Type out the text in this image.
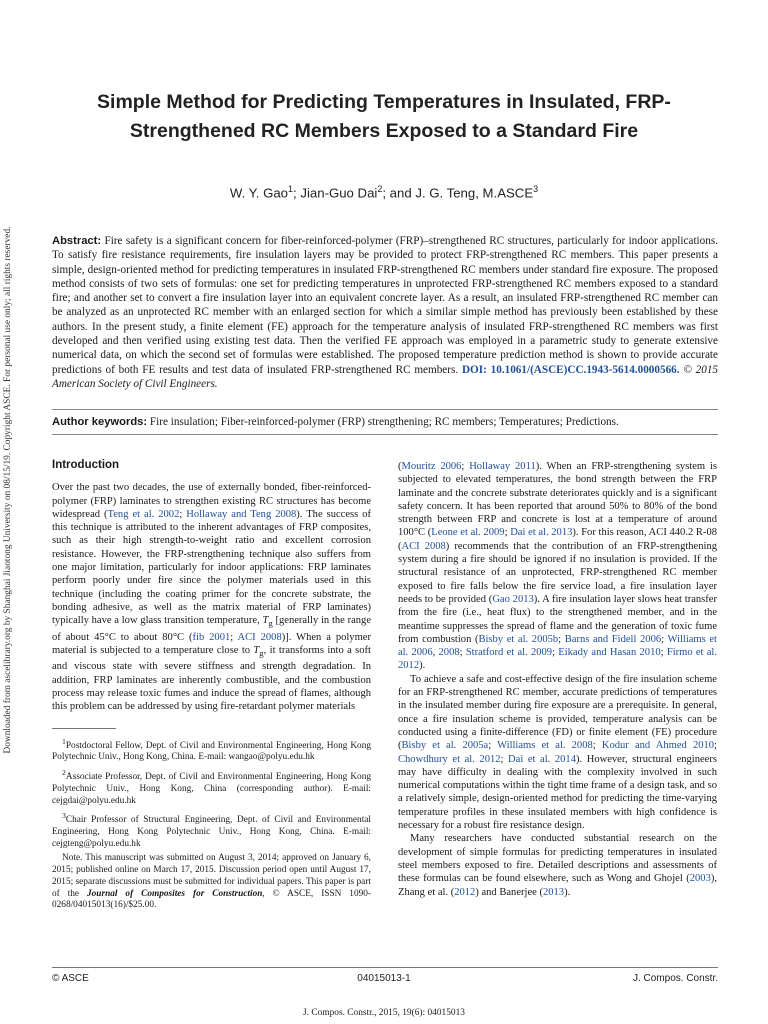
Downloaded from ascelibrary.org by Shanghai Jiaotong University on 08/15/19. Copyright ASCE. For personal use only; all rights reserved.
Simple Method for Predicting Temperatures in Insulated, FRP-Strengthened RC Members Exposed to a Standard Fire
W. Y. Gao$^1$; Jian-Guo Dai$^2$; and J. G. Teng, M.ASCE$^3$

Abstract: Fire safety is a significant concern for fiber-reinforced-polymer (FRP)–strengthened RC structures, particularly for indoor applications. To satisfy fire resistance requirements, fire insulation layers may be provided to protect FRP-strengthened RC members. This paper presents a simple, design-oriented method for predicting temperatures in insulated FRP-strengthened RC members under standard fire exposure. The proposed method consists of two sets of formulas: one set for predicting temperatures in unprotected FRP-strengthened RC members exposed to a standard fire; and another set to convert a fire insulation layer into an equivalent concrete layer. As a result, an insulated FRP-strengthened RC member can be analyzed as an unprotected RC member with an enlarged section for which a similar simple method has previously been established by these authors. In the present study, a finite element (FE) approach for the temperature analysis of insulated FRP-strengthened RC members was first developed and then verified using existing test data. Then the verified FE approach was employed in a parametric study to generate extensive numerical data, on which the second set of formulas were established. The proposed temperature prediction method is shown to provide accurate predictions of both FE results and test data of insulated FRP-strengthened RC members. DOI: 10.1061/(ASCE)CC.1943-5614.0000566. © 2015 American Society of Civil Engineers.

Author keywords: Fire insulation; Fiber-reinforced-polymer (FRP) strengthening; RC members; Temperatures; Predictions.

Introduction

Over the past two decades, the use of externally bonded, fiber-reinforced-polymer (FRP) laminates to strengthen existing RC structures has become widespread (Teng et al. 2002; Hollaway and Teng 2008). The success of this technique is attributed to the inherent advantages of FRP composites, such as their high strength-to-weight ratio and excellent corrosion resistance. However, the FRP-strengthening technique also suffers from one major limitation, particularly for indoor applications: FRP laminates perform poorly under fire since the polymer materials used in this technique (including the coating primer for the concrete substrate, the bonding adhesive, as well as the matrix material of FRP laminates) typically have a low glass transition temperature, $T_g$ [generally in the range of about 45°C to about 80°C (fib 2001; ACI 2008)]. When a polymer material is subjected to a temperature close to $T_g$, it transforms into a soft and viscous state with severe stiffness and strength degradation. In addition, FRP laminates are inherently combustible, and the combustion process may release toxic fumes and induce the spread of flames, although this problem can be addressed by using fire-retardant polymer materials

$^1$Postdoctoral Fellow, Dept. of Civil and Environmental Engineering, Hong Kong Polytechnic Univ., Hong Kong, China. E-mail: wangao@polyu.edu.hk

$^2$Associate Professor, Dept. of Civil and Environmental Engineering, Hong Kong Polytechnic Univ., Hong Kong, China (corresponding author). E-mail: cejgdai@polyu.edu.hk

$^3$Chair Professor of Structural Engineering, Dept. of Civil and Environmental Engineering, Hong Kong Polytechnic Univ., Hong Kong, China. E-mail: cejgteng@polyu.edu.hk

Note. This manuscript was submitted on August 3, 2014; approved on January 6, 2015; published online on March 17, 2015. Discussion period open until August 17, 2015; separate discussions must be submitted for individual papers. This paper is part of the Journal of Composites for Construction, © ASCE, ISSN 1090-0268/04015013(16)/$25.00.

(Mouritz 2006; Hollaway 2011). When an FRP-strengthening system is subjected to elevated temperatures, the bond strength between the FRP laminate and the concrete substrate deteriorates quickly and is a significant safety concern. It has been reported that around 50% to 80% of the bond strength between FRP and concrete is lost at a temperature of around 100°C (Leone et al. 2009; Dai et al. 2013). For this reason, ACI 440.2 R-08 (ACI 2008) recommends that the contribution of an FRP-strengthening system during a fire should be ignored if no insulation is provided. If the structural resistance of an unprotected, FRP-strengthened RC member exposed to fire falls below the fire service load, a fire insulation layer needs to be provided (Gao 2013). A fire insulation layer slows heat transfer from the fire (i.e., heat flux) to the strengthened member, and in the meantime suppresses the spread of flame and the generation of toxic fume from combustion (Bisby et al. 2005b; Barns and Fidell 2006; Williams et al. 2006, 2008; Stratford et al. 2009; Eikady and Hasan 2010; Firmo et al. 2012).

To achieve a safe and cost-effective design of the fire insulation scheme for an FRP-strengthened RC member, accurate predictions of temperatures in the insulated member during fire exposure are a prerequisite. In general, once a fire insulation scheme is provided, temperature analysis can be conducted using a finite-difference (FD) or finite element (FE) procedure (Bisby et al. 2005a; Williams et al. 2008; Kodur and Ahmed 2010; Chowdhury et al. 2012; Dai et al. 2014). However, structural engineers may have difficulty in dealing with the complexity involved in such numerical computations within the tight time frame of a design task, and so a relatively simple, design-oriented method for predicting the time-varying temperature profiles in these insulated members with high confidence is necessary for a robust fire resistance design.

Many researchers have conducted substantial research on the development of simple formulas for predicting temperatures in insulated steel members exposed to fire. Detailed descriptions and assessments of these formulas can be found elsewhere, such as Wong and Ghojel (2003), Zhang et al. (2012) and Banerjee (2013).

© ASCE	04015013-1	J. Compos. Constr.
J. Compos. Constr., 2015, 19(6): 04015013
